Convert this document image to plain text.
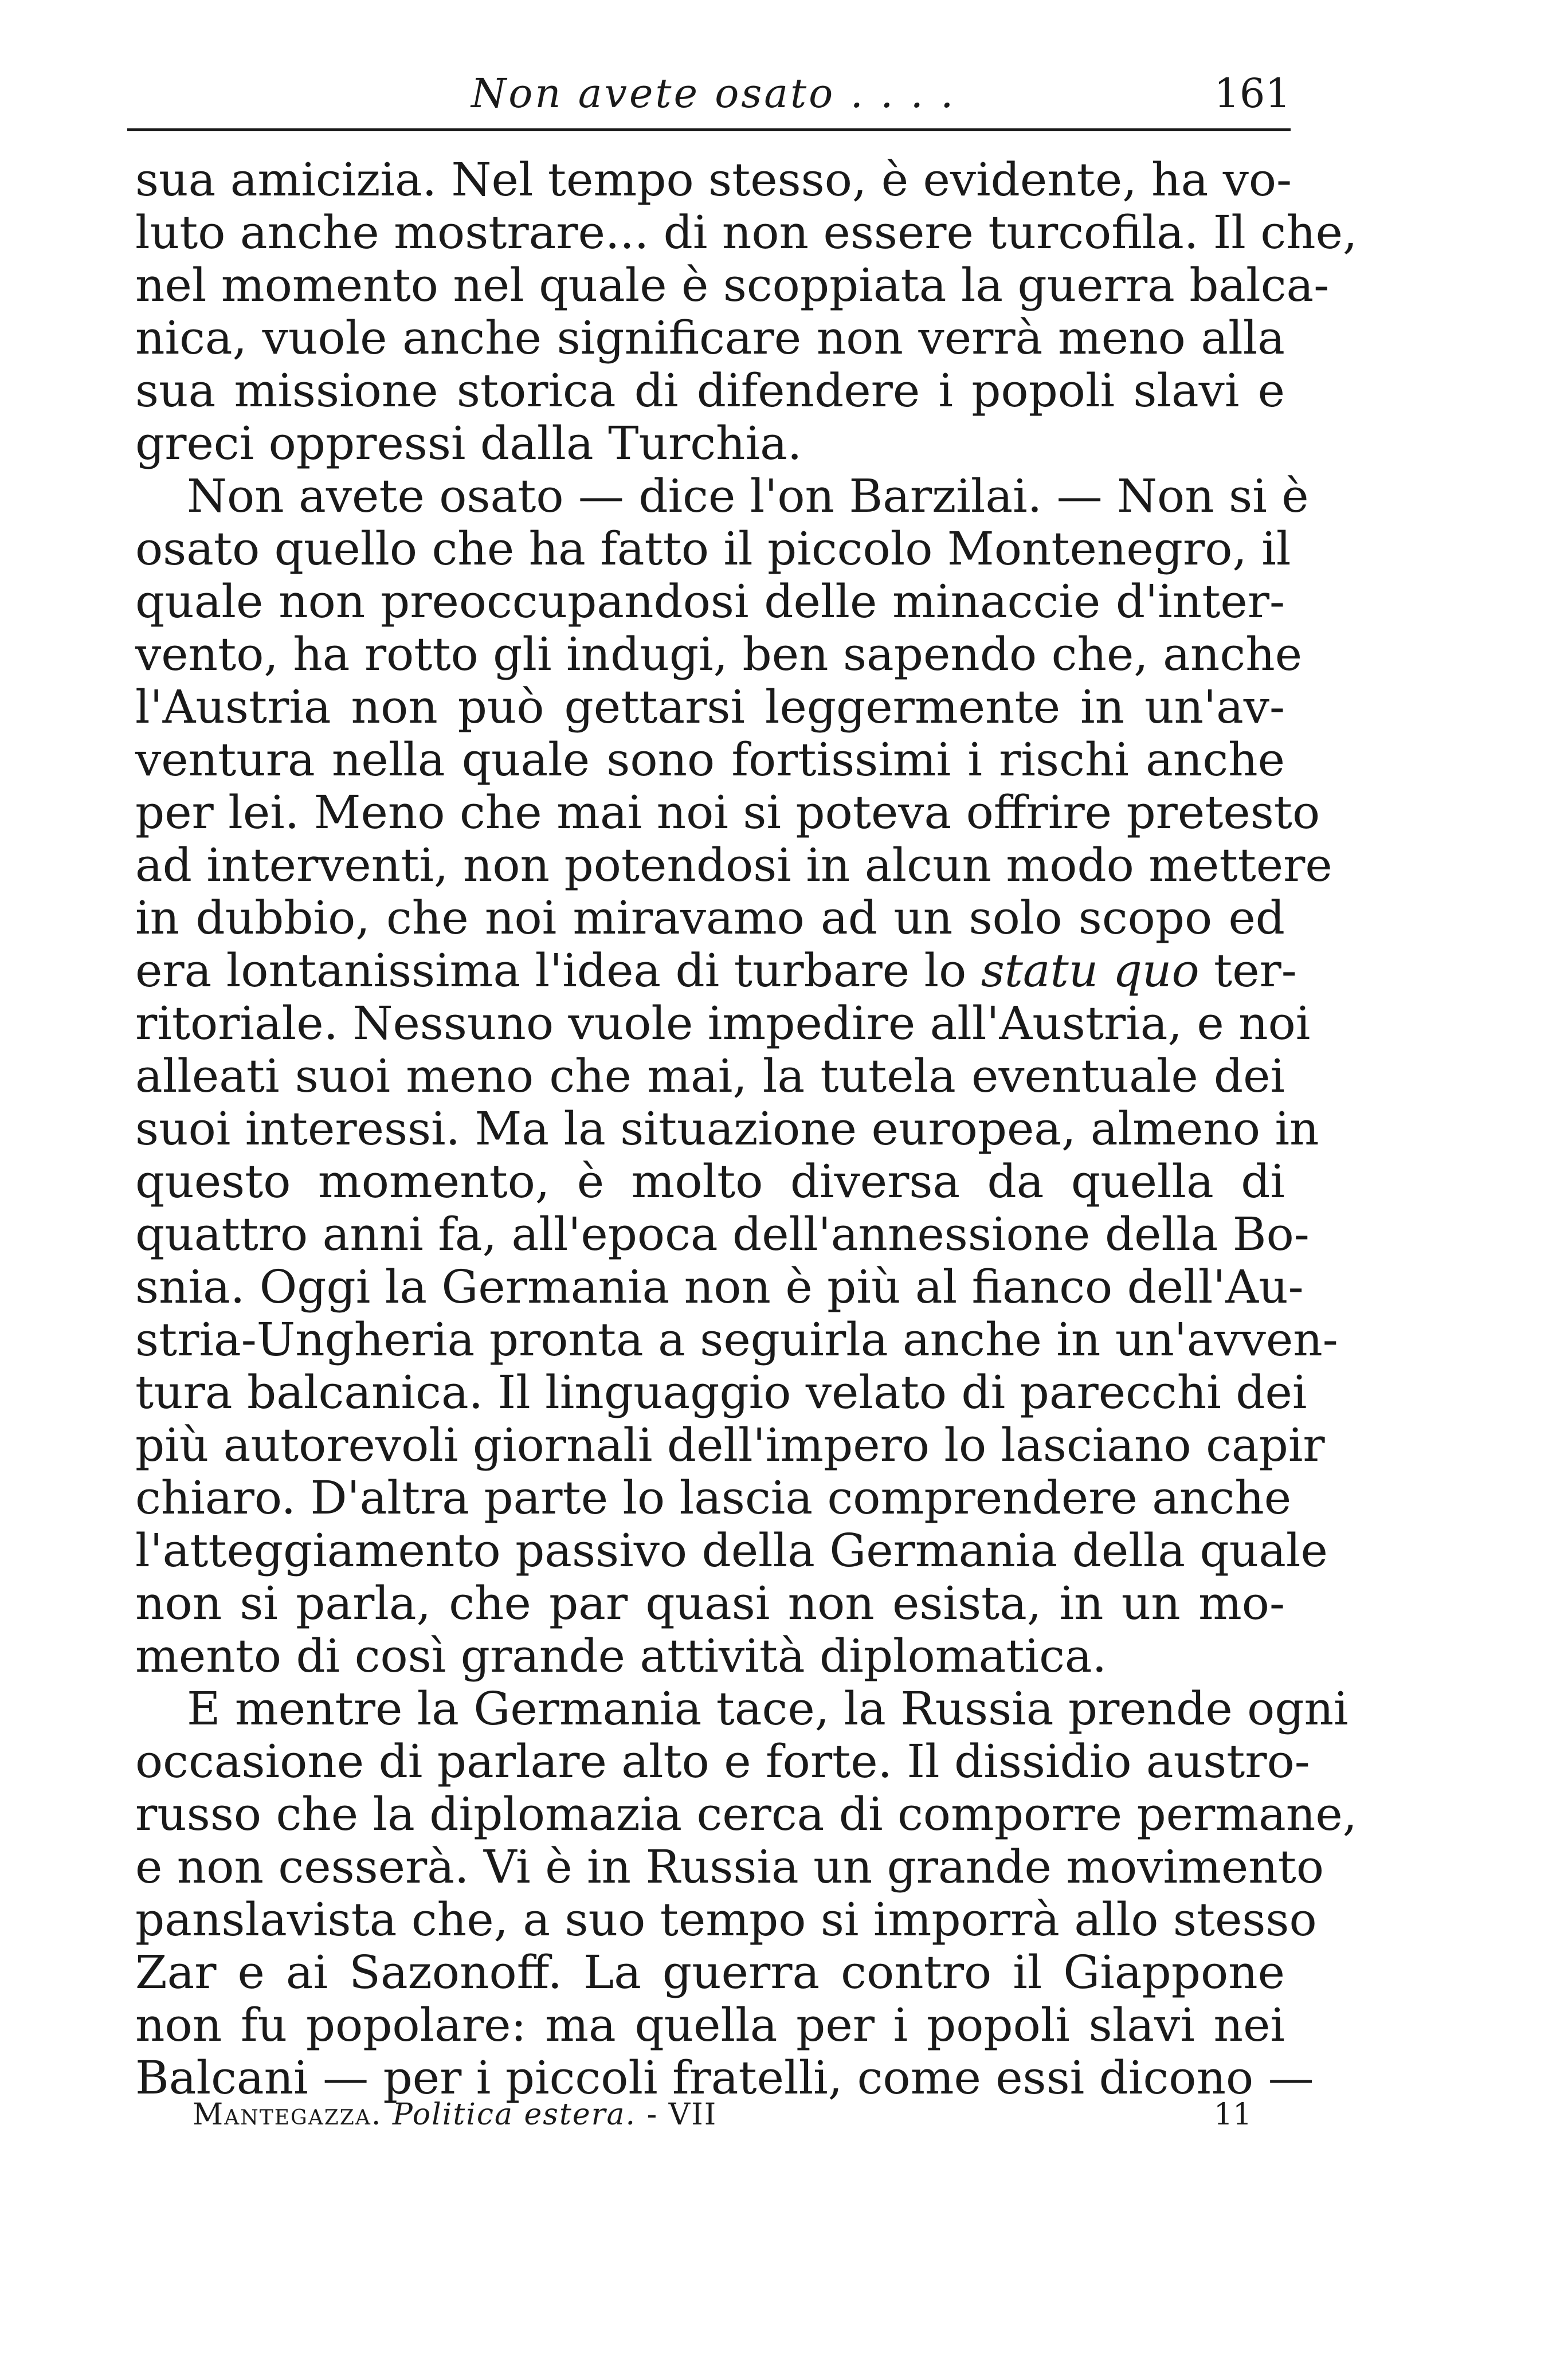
Non avete osato . . . .	161
sua amicizia. Nel tempo stesso, è evidente, ha vo-
luto anche mostrare... di non essere turcofila. Il che,
nel momento nel quale è scoppiata la guerra balca-
nica, vuole anche significare non verrà meno alla
sua missione storica di difendere i popoli slavi e
greci oppressi dalla Turchia.
Non avete osato — dice l'on Barzilai. — Non si è
osato quello che ha fatto il piccolo Montenegro, il
quale non preoccupandosi delle minaccie d'inter-
vento, ha rotto gli indugi, ben sapendo che, anche
l'Austria non può gettarsi leggermente in un'av-
ventura nella quale sono fortissimi i rischi anche
per lei. Meno che mai noi si poteva offrire pretesto
ad interventi, non potendosi in alcun modo mettere
in dubbio, che noi miravamo ad un solo scopo ed
era lontanissima l'idea di turbare lo statu quo ter-
ritoriale. Nessuno vuole impedire all'Austria, e noi
alleati suoi meno che mai, la tutela eventuale dei
suoi interessi. Ma la situazione europea, almeno in
questo momento, è molto diversa da quella di
quattro anni fa, all'epoca dell'annessione della Bo-
snia. Oggi la Germania non è più al fianco dell'Au-
stria-Ungheria pronta a seguirla anche in un'avven-
tura balcanica. Il linguaggio velato di parecchi dei
più autorevoli giornali dell'impero lo lasciano capir
chiaro. D'altra parte lo lascia comprendere anche
l'atteggiamento passivo della Germania della quale
non si parla, che par quasi non esista, in un mo-
mento di così grande attività diplomatica.
E mentre la Germania tace, la Russia prende ogni
occasione di parlare alto e forte. Il dissidio austro-
russo che la diplomazia cerca di comporre permane,
e non cesserà. Vi è in Russia un grande movimento
panslavista che, a suo tempo si imporrà allo stesso
Zar e ai Sazonoff. La guerra contro il Giappone
non fu popolare: ma quella per i popoli slavi nei
Balcani — per i piccoli fratelli, come essi dicono —
Mantegazza. Politica estera. - VII	11
